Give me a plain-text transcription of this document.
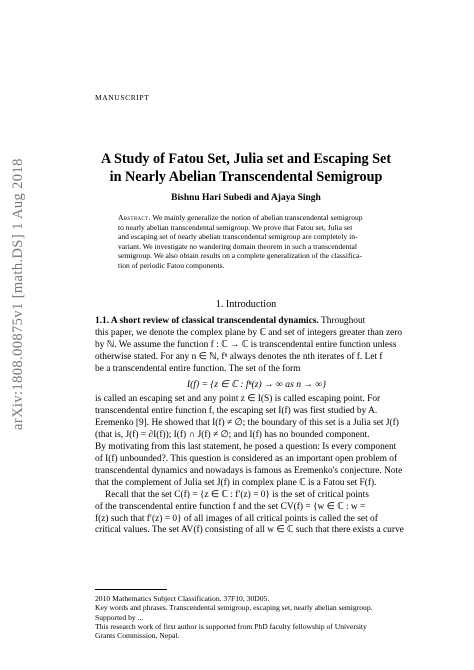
arXiv:1808.00875v1 [math.DS] 1 Aug 2018
MANUSCRIPT
A Study of Fatou Set, Julia set and Escaping Set
in Nearly Abelian Transcendental Semigroup
Bishnu Hari Subedi and Ajaya Singh
Abstract. We mainly generalize the notion of abelian transcendental semigroup
to nearly abelian transcendental semigroup. We prove that Fatou set, Julia set
and escaping set of nearly abelian transcendental semigroup are completely in-
variant. We investigate no wandering domain theorem in such a transcendental
semigroup. We also obtain results on a complete generalization of the classifica-
tion of periodic Fatou components.
1. Introduction
1.1. A short review of classical transcendental dynamics. Throughout
this paper, we denote the complex plane by ℂ and set of integers greater than zero
by ℕ. We assume the function f : ℂ → ℂ is transcendental entire function unless
otherwise stated. For any n ∈ ℕ, fⁿ always denotes the nth iterates of f. Let f
be a transcendental entire function. The set of the form
I(f) = {z ∈ ℂ : fⁿ(z) → ∞ as n → ∞}
is called an escaping set and any point z ∈ I(S) is called escaping point. For
transcendental entire function f, the escaping set I(f) was first studied by A.
Eremenko [9]. He showed that I(f) ≠ ∅; the boundary of this set is a Julia set J(f)
(that is, J(f) = ∂I(f)); I(f) ∩ J(f) ≠ ∅; and I(f) has no bounded component.
By motivating from this last statement, he posed a question: Is every component
of I(f) unbounded?. This question is considered as an important open problem of
transcendental dynamics and nowadays is famous as Eremenko's conjecture. Note
that the complement of Julia set J(f) in complex plane ℂ is a Fatou set F(f).
Recall that the set C(f) = {z ∈ ℂ : f′(z) = 0} is the set of critical points
of the transcendental entire function f and the set CV(f) = {w ∈ ℂ : w =
f(z) such that f′(z) = 0} of all images of all critical points is called the set of
critical values. The set AV(f) consisting of all w ∈ ℂ such that there exists a curve
2010 Mathematics Subject Classification. 37F10, 30D05.
Key words and phrases. Transcendental semigroup, escaping set, nearly abelian semigroup.
Supported by ...
This research work of first author is supported from PhD faculty fellowship of University
Grants Commission, Nepal.
